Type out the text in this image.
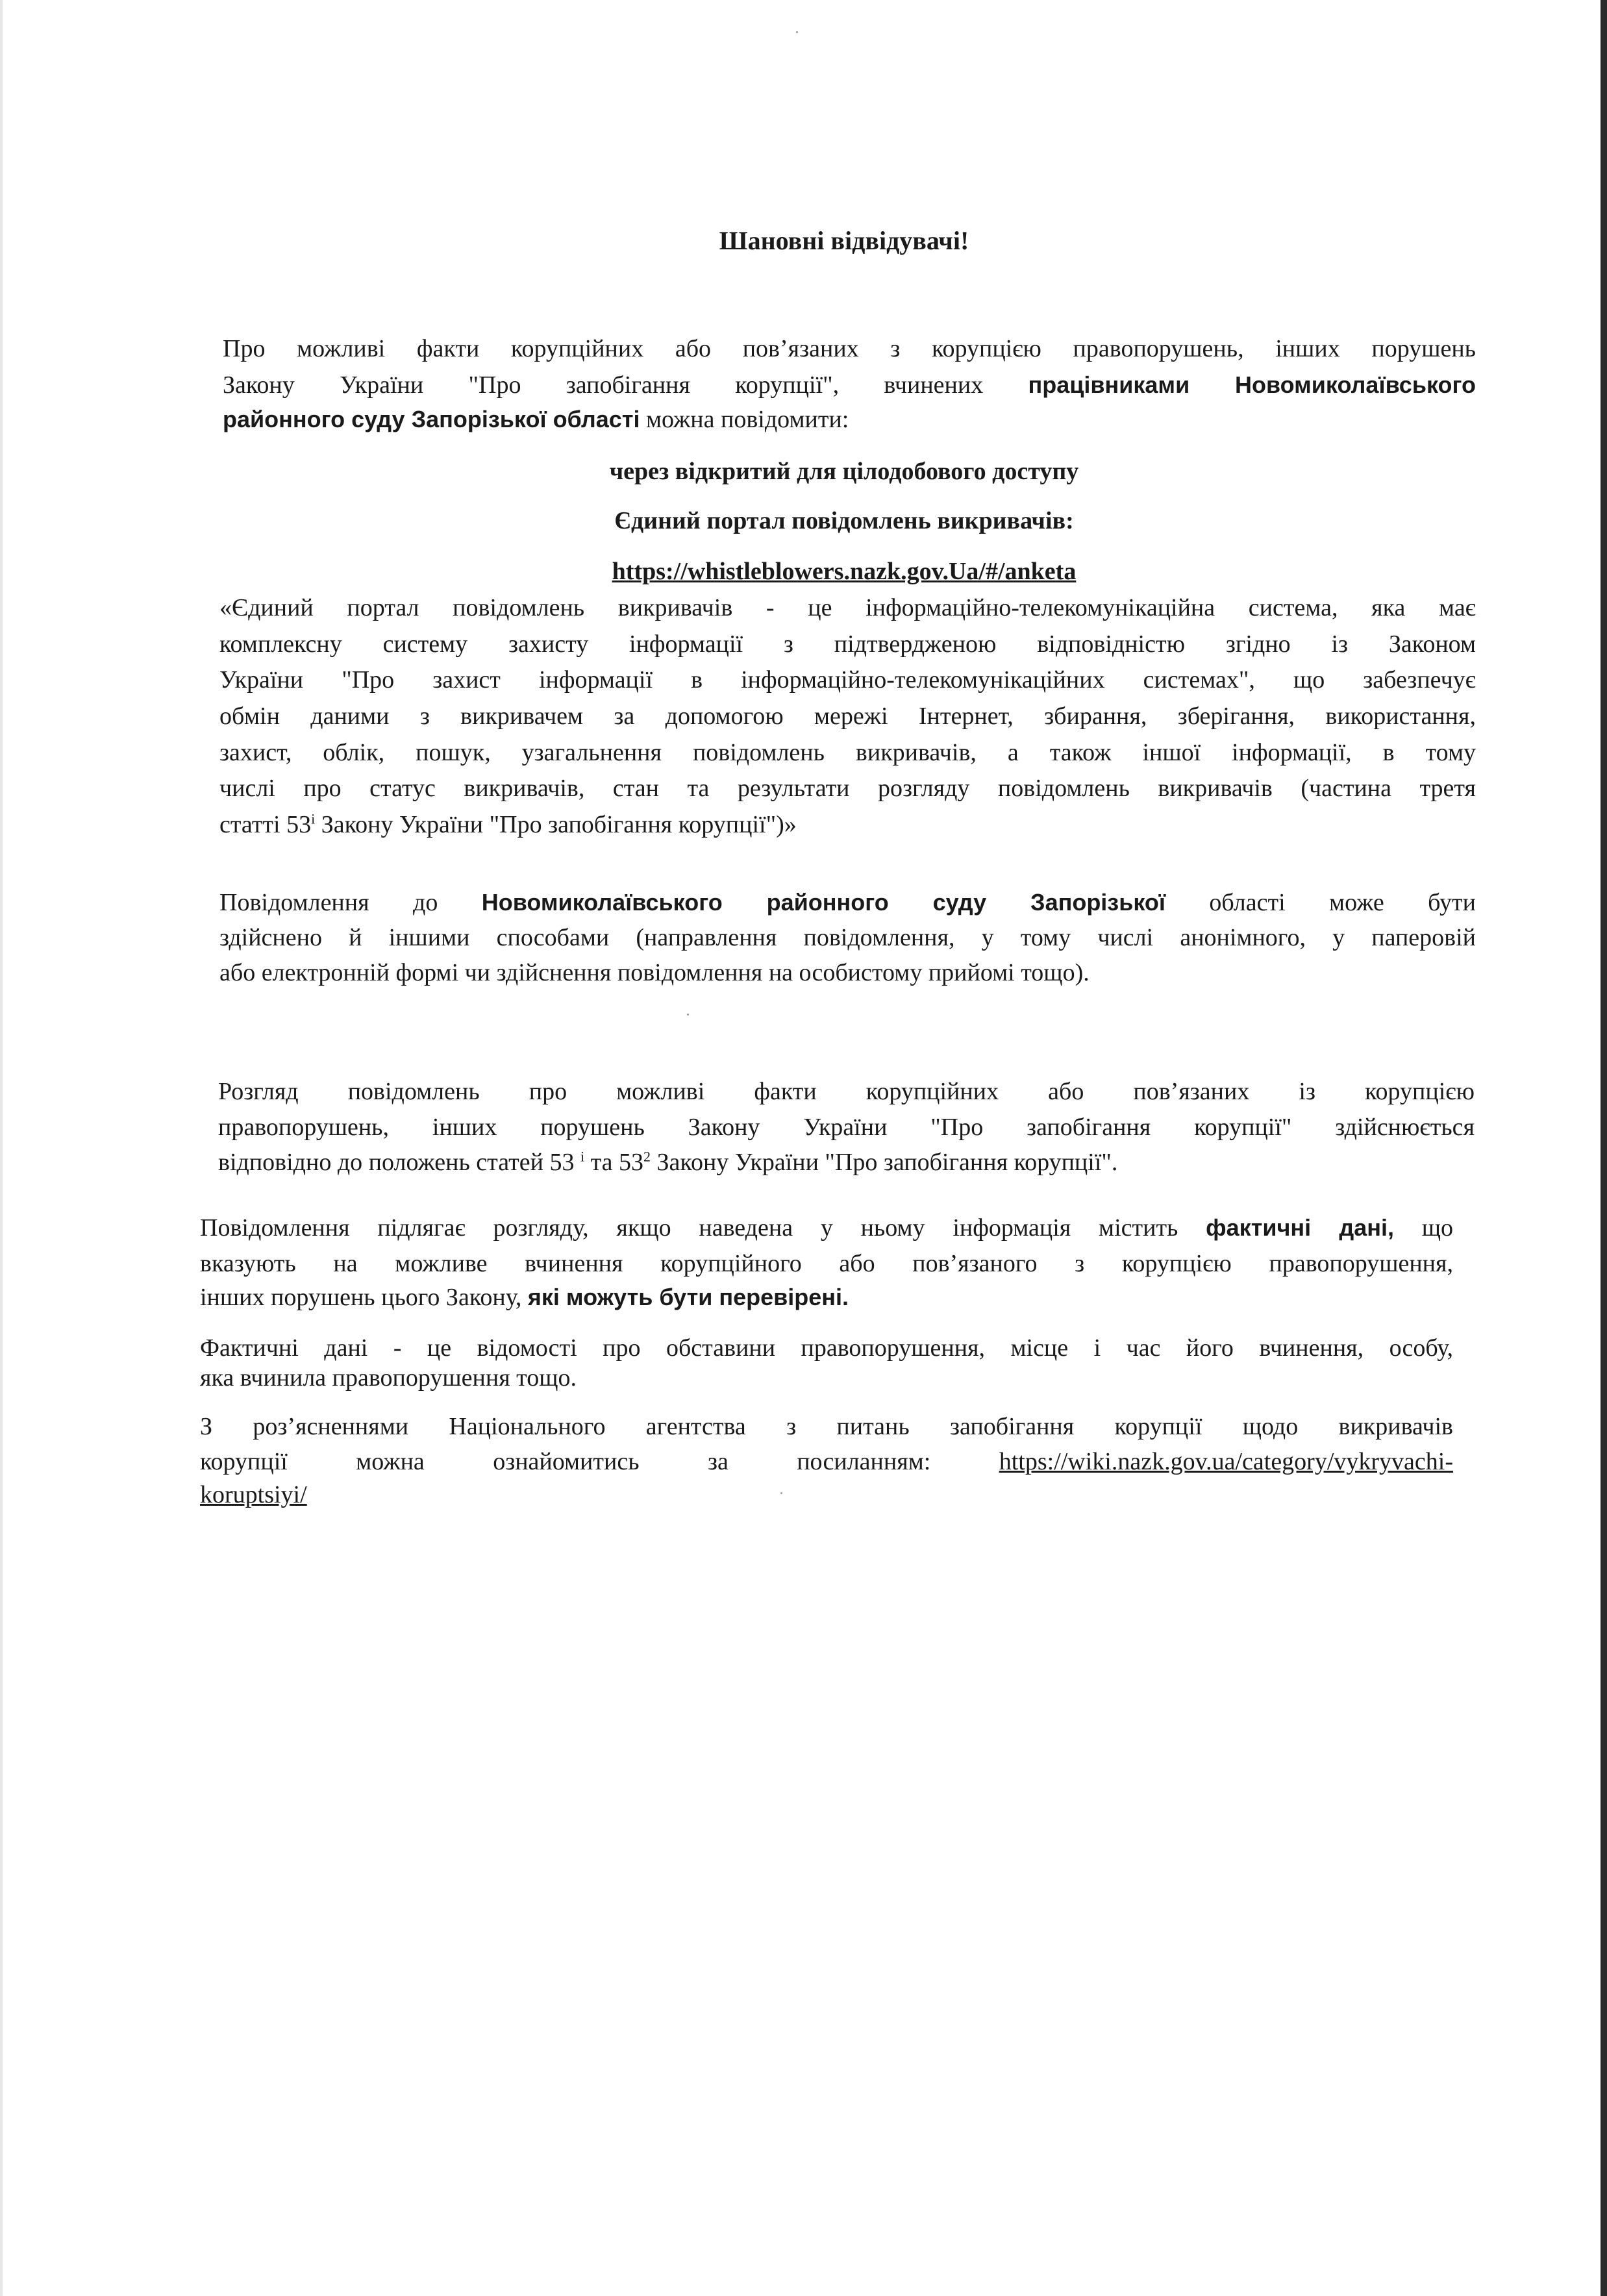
Шановні відвідувачі!
Про можливі факти корупційних або пов’язаних з корупцією правопорушень, інших порушень
Закону України "Про запобігання корупції", вчинених працівниками Новомиколаївського
районного суду Запорізької області можна повідомити:
через відкритий для цілодобового доступу
Єдиний портал повідомлень викривачів:
https://whistleblowers.nazk.gov.Ua/#/anketa
«Єдиний портал повідомлень викривачів - це інформаційно-телекомунікаційна система, яка має
комплексну систему захисту інформації з підтвердженою відповідністю згідно із Законом
України "Про захист інформації в інформаційно-телекомунікаційних системах", що забезпечує
обмін даними з викривачем за допомогою мережі Інтернет, збирання, зберігання, використання,
захист, облік, пошук, узагальнення повідомлень викривачів, а також іншої інформації, в тому
числі про статус викривачів, стан та результати розгляду повідомлень викривачів (частина третя
статті $53^і$ Закону України "Про запобігання корупції")»
Повідомлення до Новомиколаївського районного суду Запорізької області може бути
здійснено й іншими способами (направлення повідомлення, у тому числі анонімного, у паперовій
або електронній формі чи здійснення повідомлення на особистому прийомі тощо).
Розгляд повідомлень про можливі факти корупційних або пов’язаних із корупцією
правопорушень, інших порушень Закону України "Про запобігання корупції" здійснюється
відповідно до положень статей 53 $^і$ та $53^2$ Закону України "Про запобігання корупції".
Повідомлення підлягає розгляду, якщо наведена у ньому інформація містить фактичні дані, що
вказують на можливе вчинення корупційного або пов’язаного з корупцією правопорушення,
інших порушень цього Закону, які можуть бути перевірені.
Фактичні дані - це відомості про обставини правопорушення, місце і час його вчинення, особу,
яка вчинила правопорушення тощо.
З роз’ясненнями Національного агентства з питань запобігання корупції щодо викривачів
корупції можна ознайомитись за посиланням: https://wiki.nazk.gov.ua/category/vykryvachi-
koruptsiyi/
